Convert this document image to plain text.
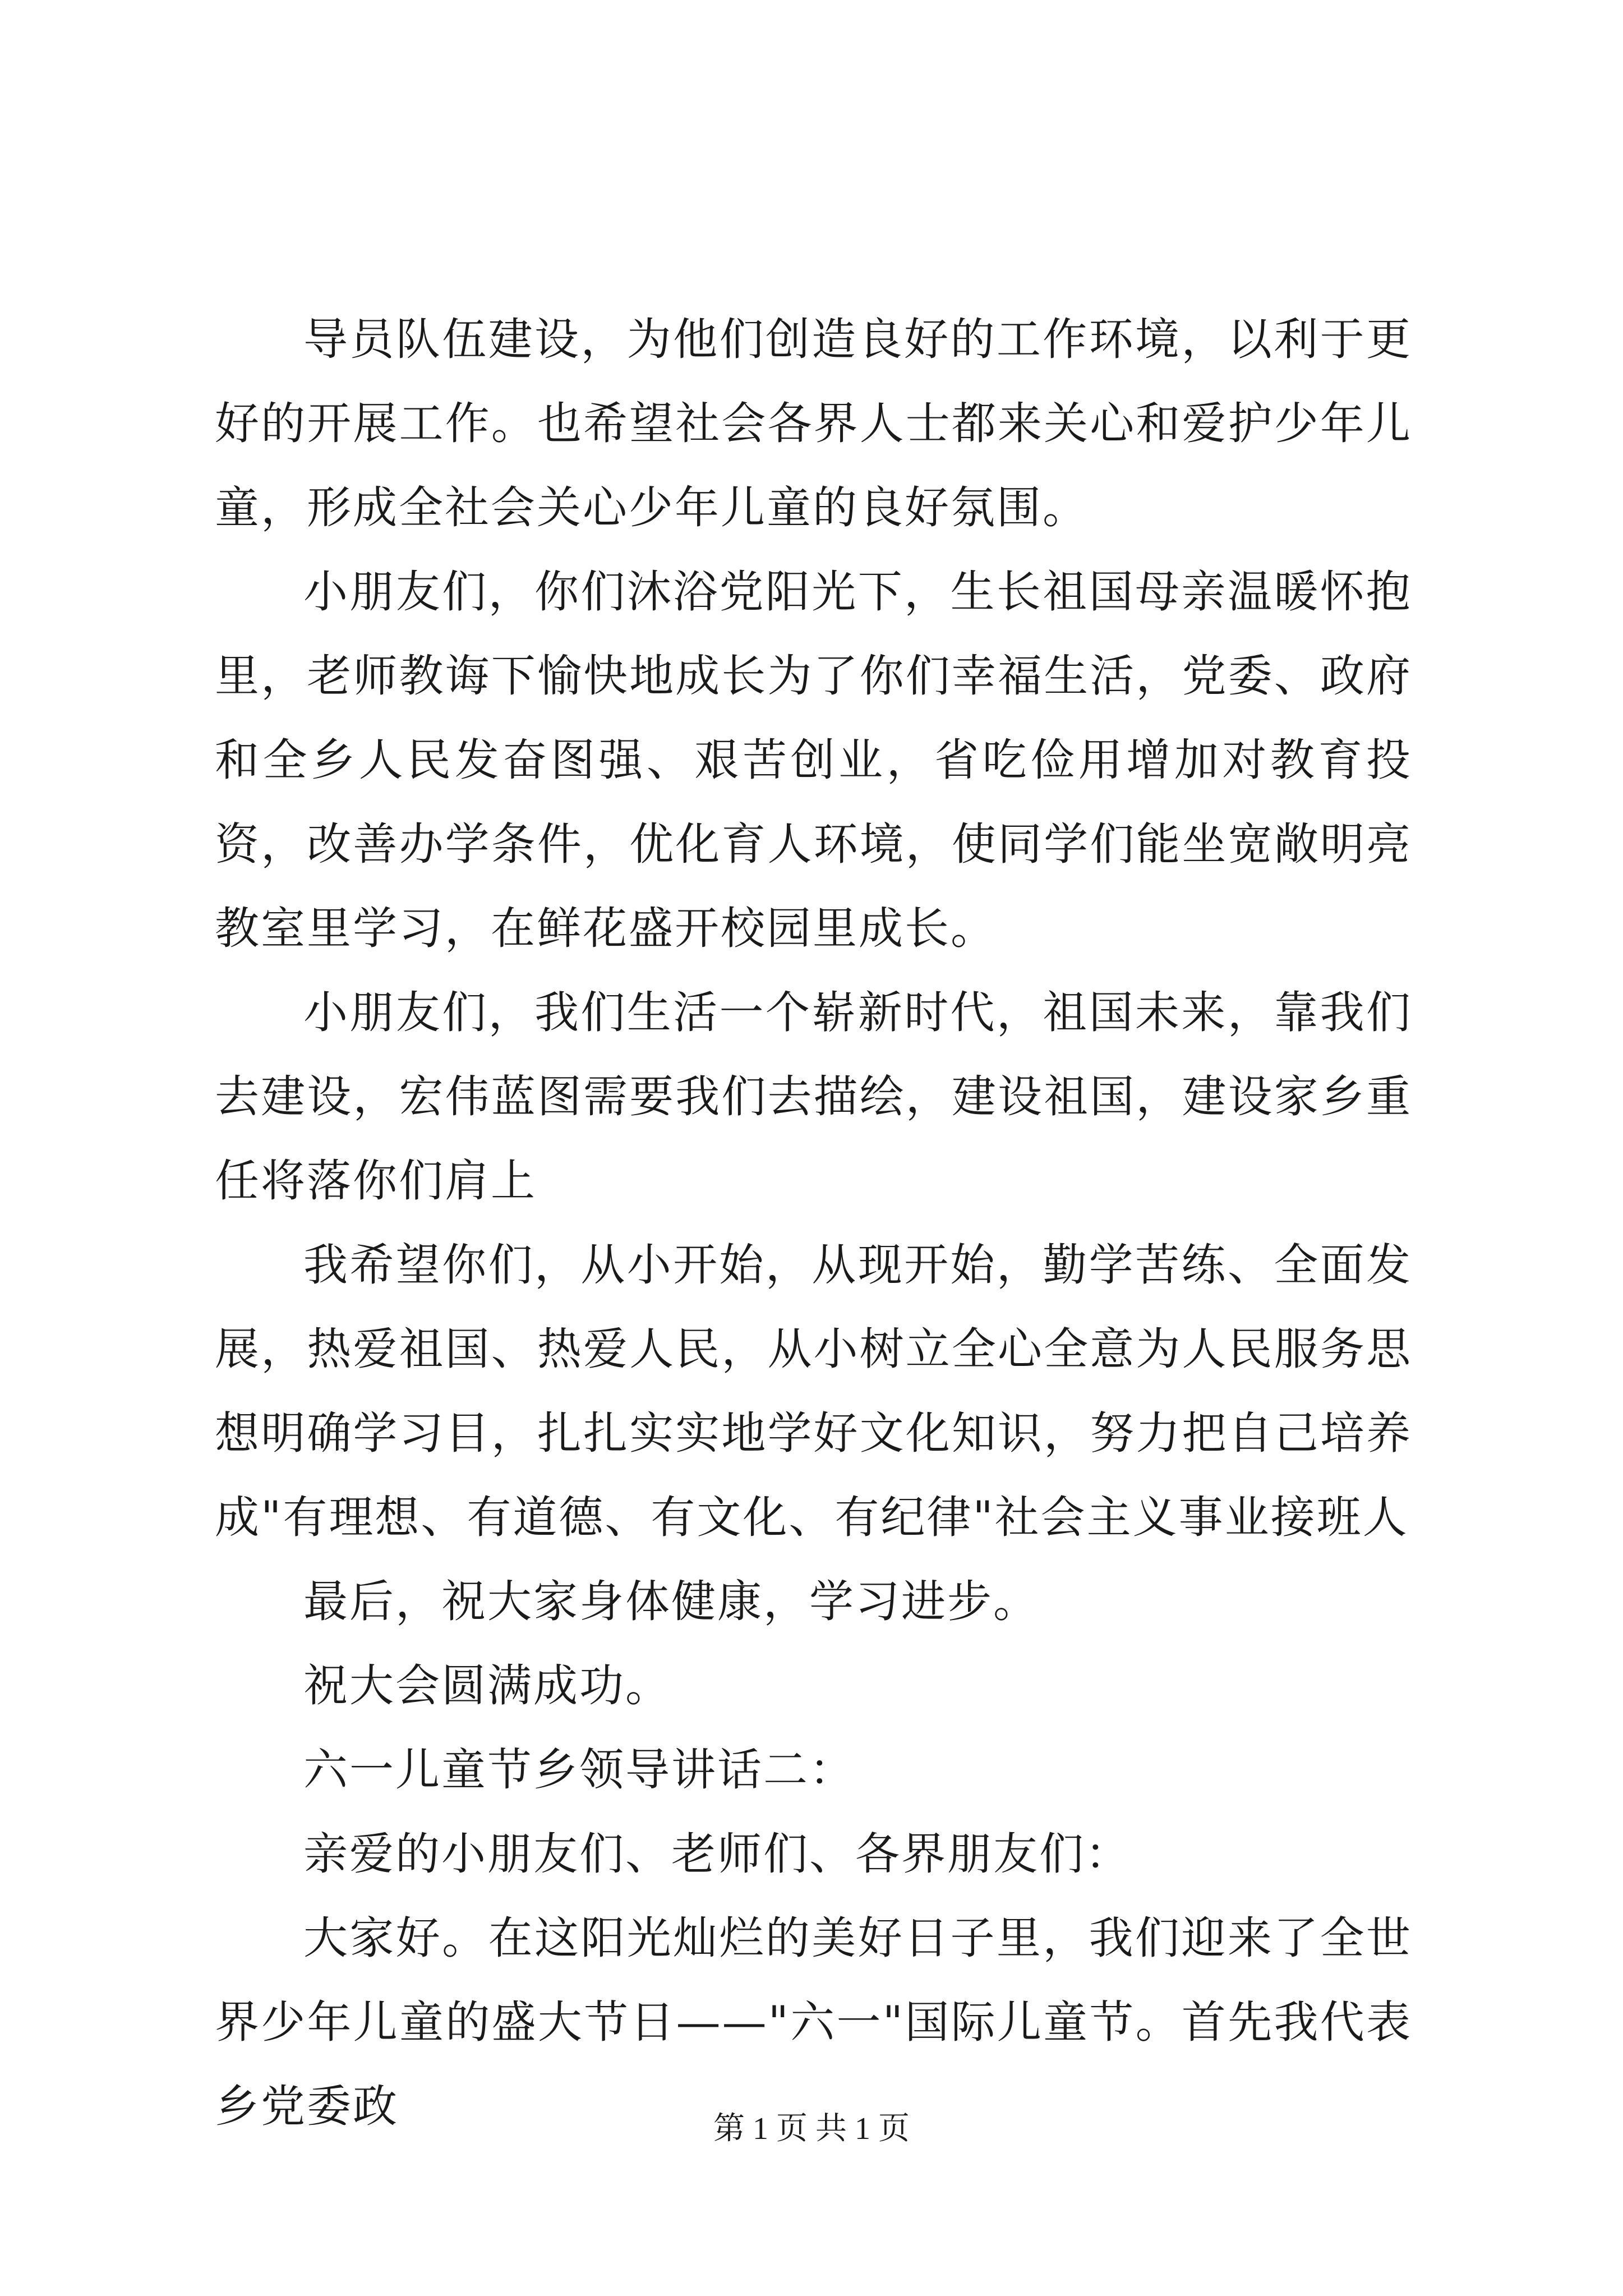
导员队伍建设，为他们创造良好的工作环境，以利于更好的开展工作。也希望社会各界人士都来关心和爱护少年儿童，形成全社会关心少年儿童的良好氛围。

小朋友们，你们沐浴党阳光下，生长祖国母亲温暖怀抱里，老师教诲下愉快地成长为了你们幸福生活，党委、政府和全乡人民发奋图强、艰苦创业，省吃俭用增加对教育投资，改善办学条件，优化育人环境，使同学们能坐宽敞明亮教室里学习，在鲜花盛开校园里成长。

小朋友们，我们生活一个崭新时代，祖国未来，靠我们去建设，宏伟蓝图需要我们去描绘，建设祖国，建设家乡重任将落你们肩上

我希望你们，从小开始，从现开始，勤学苦练、全面发展，热爱祖国、热爱人民，从小树立全心全意为人民服务思想明确学习目，扎扎实实地学好文化知识，努力把自己培养成"有理想、有道德、有文化、有纪律"社会主义事业接班人

最后，祝大家身体健康，学习进步。

祝大会圆满成功。

六一儿童节乡领导讲话二：

亲爱的小朋友们、老师们、各界朋友们：

大家好。在这阳光灿烂的美好日子里，我们迎来了全世界少年儿童的盛大节日——"六一"国际儿童节。首先我代表乡党委政	第 1 页 共 1 页
